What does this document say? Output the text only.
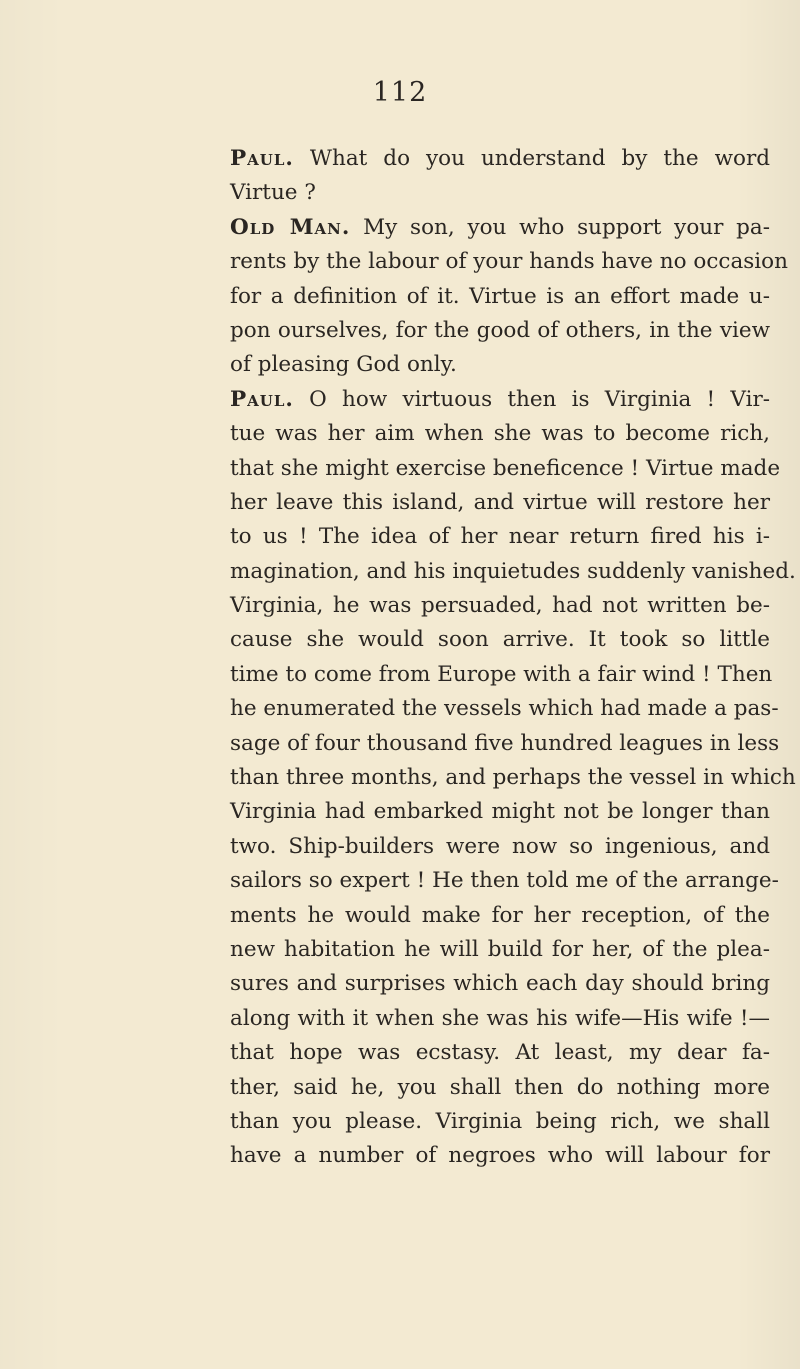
112
Paul. What do you understand by the word
Virtue ?
Old Man. My son, you who support your pa-
rents by the labour of your hands have no occasion
for a definition of it. Virtue is an effort made u-
pon ourselves, for the good of others, in the view
of pleasing God only.
Paul. O how virtuous then is Virginia ! Vir-
tue was her aim when she was to become rich,
that she might exercise beneficence ! Virtue made
her leave this island, and virtue will restore her
to us ! The idea of her near return fired his i-
magination, and his inquietudes suddenly vanished.
Virginia, he was persuaded, had not written be-
cause she would soon arrive. It took so little
time to come from Europe with a fair wind ! Then
he enumerated the vessels which had made a pas-
sage of four thousand five hundred leagues in less
than three months, and perhaps the vessel in which
Virginia had embarked might not be longer than
two. Ship-builders were now so ingenious, and
sailors so expert ! He then told me of the arrange-
ments he would make for her reception, of the
new habitation he will build for her, of the plea-
sures and surprises which each day should bring
along with it when she was his wife—His wife !—
that hope was ecstasy. At least, my dear fa-
ther, said he, you shall then do nothing more
than you please. Virginia being rich, we shall
have a number of negroes who will labour for
